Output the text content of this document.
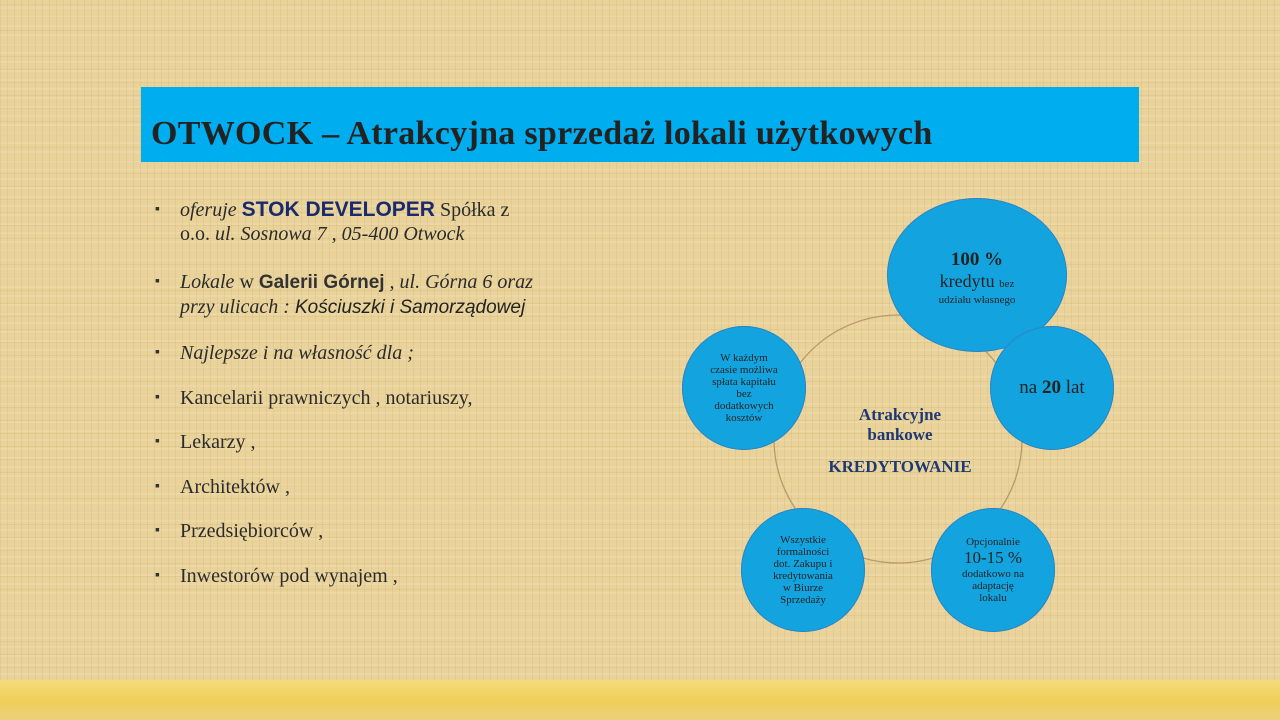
OTWOCK – Atrakcyjna sprzedaż lokali użytkowych
▪	oferuje STOK DEVELOPER Spółka z
o.o. ul. Sosnowa 7 , 05-400 Otwock
▪	Lokale w Galerii Górnej , ul. Górna 6 oraz
przy ulicach : Kościuszki i Samorządowej
▪	Najlepsze i na własność dla ;
▪	Kancelarii prawniczych , notariuszy,
▪	Lekarzy ,
▪	Architektów ,
▪	Przedsiębiorców ,
▪	Inwestorów pod wynajem ,
100 %
kredytu bez
udziału własnego
na 20 lat
W każdym
czasie możliwa
spłata kapitału
bez
dodatkowych
kosztów
Wszystkie
formalności
dot. Zakupu i
kredytowania
w Biurze
Sprzedaży
Opcjonalnie
10-15 %
dodatkowo na
adaptację
lokalu
Atrakcyjne
bankowe
KREDYTOWANIE
